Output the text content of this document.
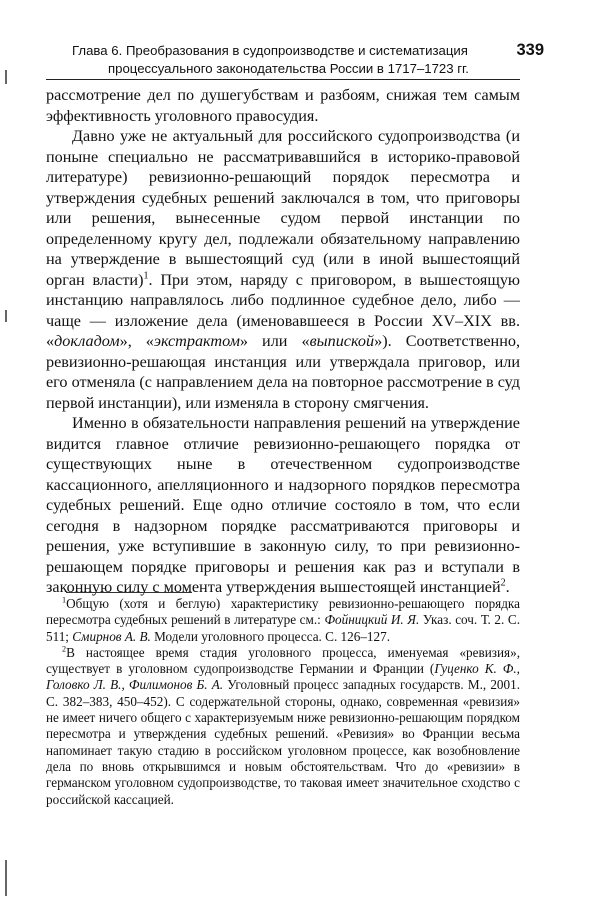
Глава 6. Преобразования в судопроизводстве и систематизация
процессуального законодательства России в 1717–1723 гг.
339

рассмотрение дел по душегубствам и разбоям, снижая тем самым эффективность уголовного правосудия.

Давно уже не актуальный для российского судопроизводства (и поныне специально не рассматривавшийся в историко-правовой литературе) ревизионно-решающий порядок пересмотра и утверждения судебных решений заключался в том, что приговоры или решения, вынесенные судом первой инстанции по определенному кругу дел, подлежали обязательному направлению на утверждение в вышестоящий суд (или в иной вышестоящий орган власти)$^1$. При этом, наряду с приговором, в вышестоящую инстанцию направлялось либо подлинное судебное дело, либо — чаще — изложение дела (именовавшееся в России XV–XIX вв. «докладом», «экстрактом» или «выпиской»). Соответственно, ревизионно-решающая инстанция или утверждала приговор, или его отменяла (с направлением дела на повторное рассмотрение в суд первой инстанции), или изменяла в сторону смягчения.

Именно в обязательности направления решений на утверждение видится главное отличие ревизионно-решающего порядка от существующих ныне в отечественном судопроизводстве кассационного, апелляционного и надзорного порядков пересмотра судебных решений. Еще одно отличие состояло в том, что если сегодня в надзорном порядке рассматриваются приговоры и решения, уже вступившие в законную силу, то при ревизионно-решающем порядке приговоры и решения как раз и вступали в законную силу с момента утверждения вышестоящей инстанцией$^2$.

$^1$Общую (хотя и беглую) характеристику ревизионно-решающего порядка пересмотра судебных решений в литературе см.: Фойницкий И. Я. Указ. соч. Т. 2. С. 511; Смирнов А. В. Модели уголовного процесса. С. 126–127.

$^2$В настоящее время стадия уголовного процесса, именуемая «ревизия», существует в уголовном судопроизводстве Германии и Франции (Гуценко К. Ф., Головко Л. В., Филимонов Б. А. Уголовный процесс западных государств. М., 2001. С. 382–383, 450–452). С содержательной стороны, однако, современная «ревизия» не имеет ничего общего с характеризуемым ниже ревизионно-решающим порядком пересмотра и утверждения судебных решений. «Ревизия» во Франции весьма напоминает такую стадию в российском уголовном процессе, как возобновление дела по вновь открывшимся и новым обстоятельствам. Что до «ревизии» в германском уголовном судопроизводстве, то таковая имеет значительное сходство с российской кассацией.
